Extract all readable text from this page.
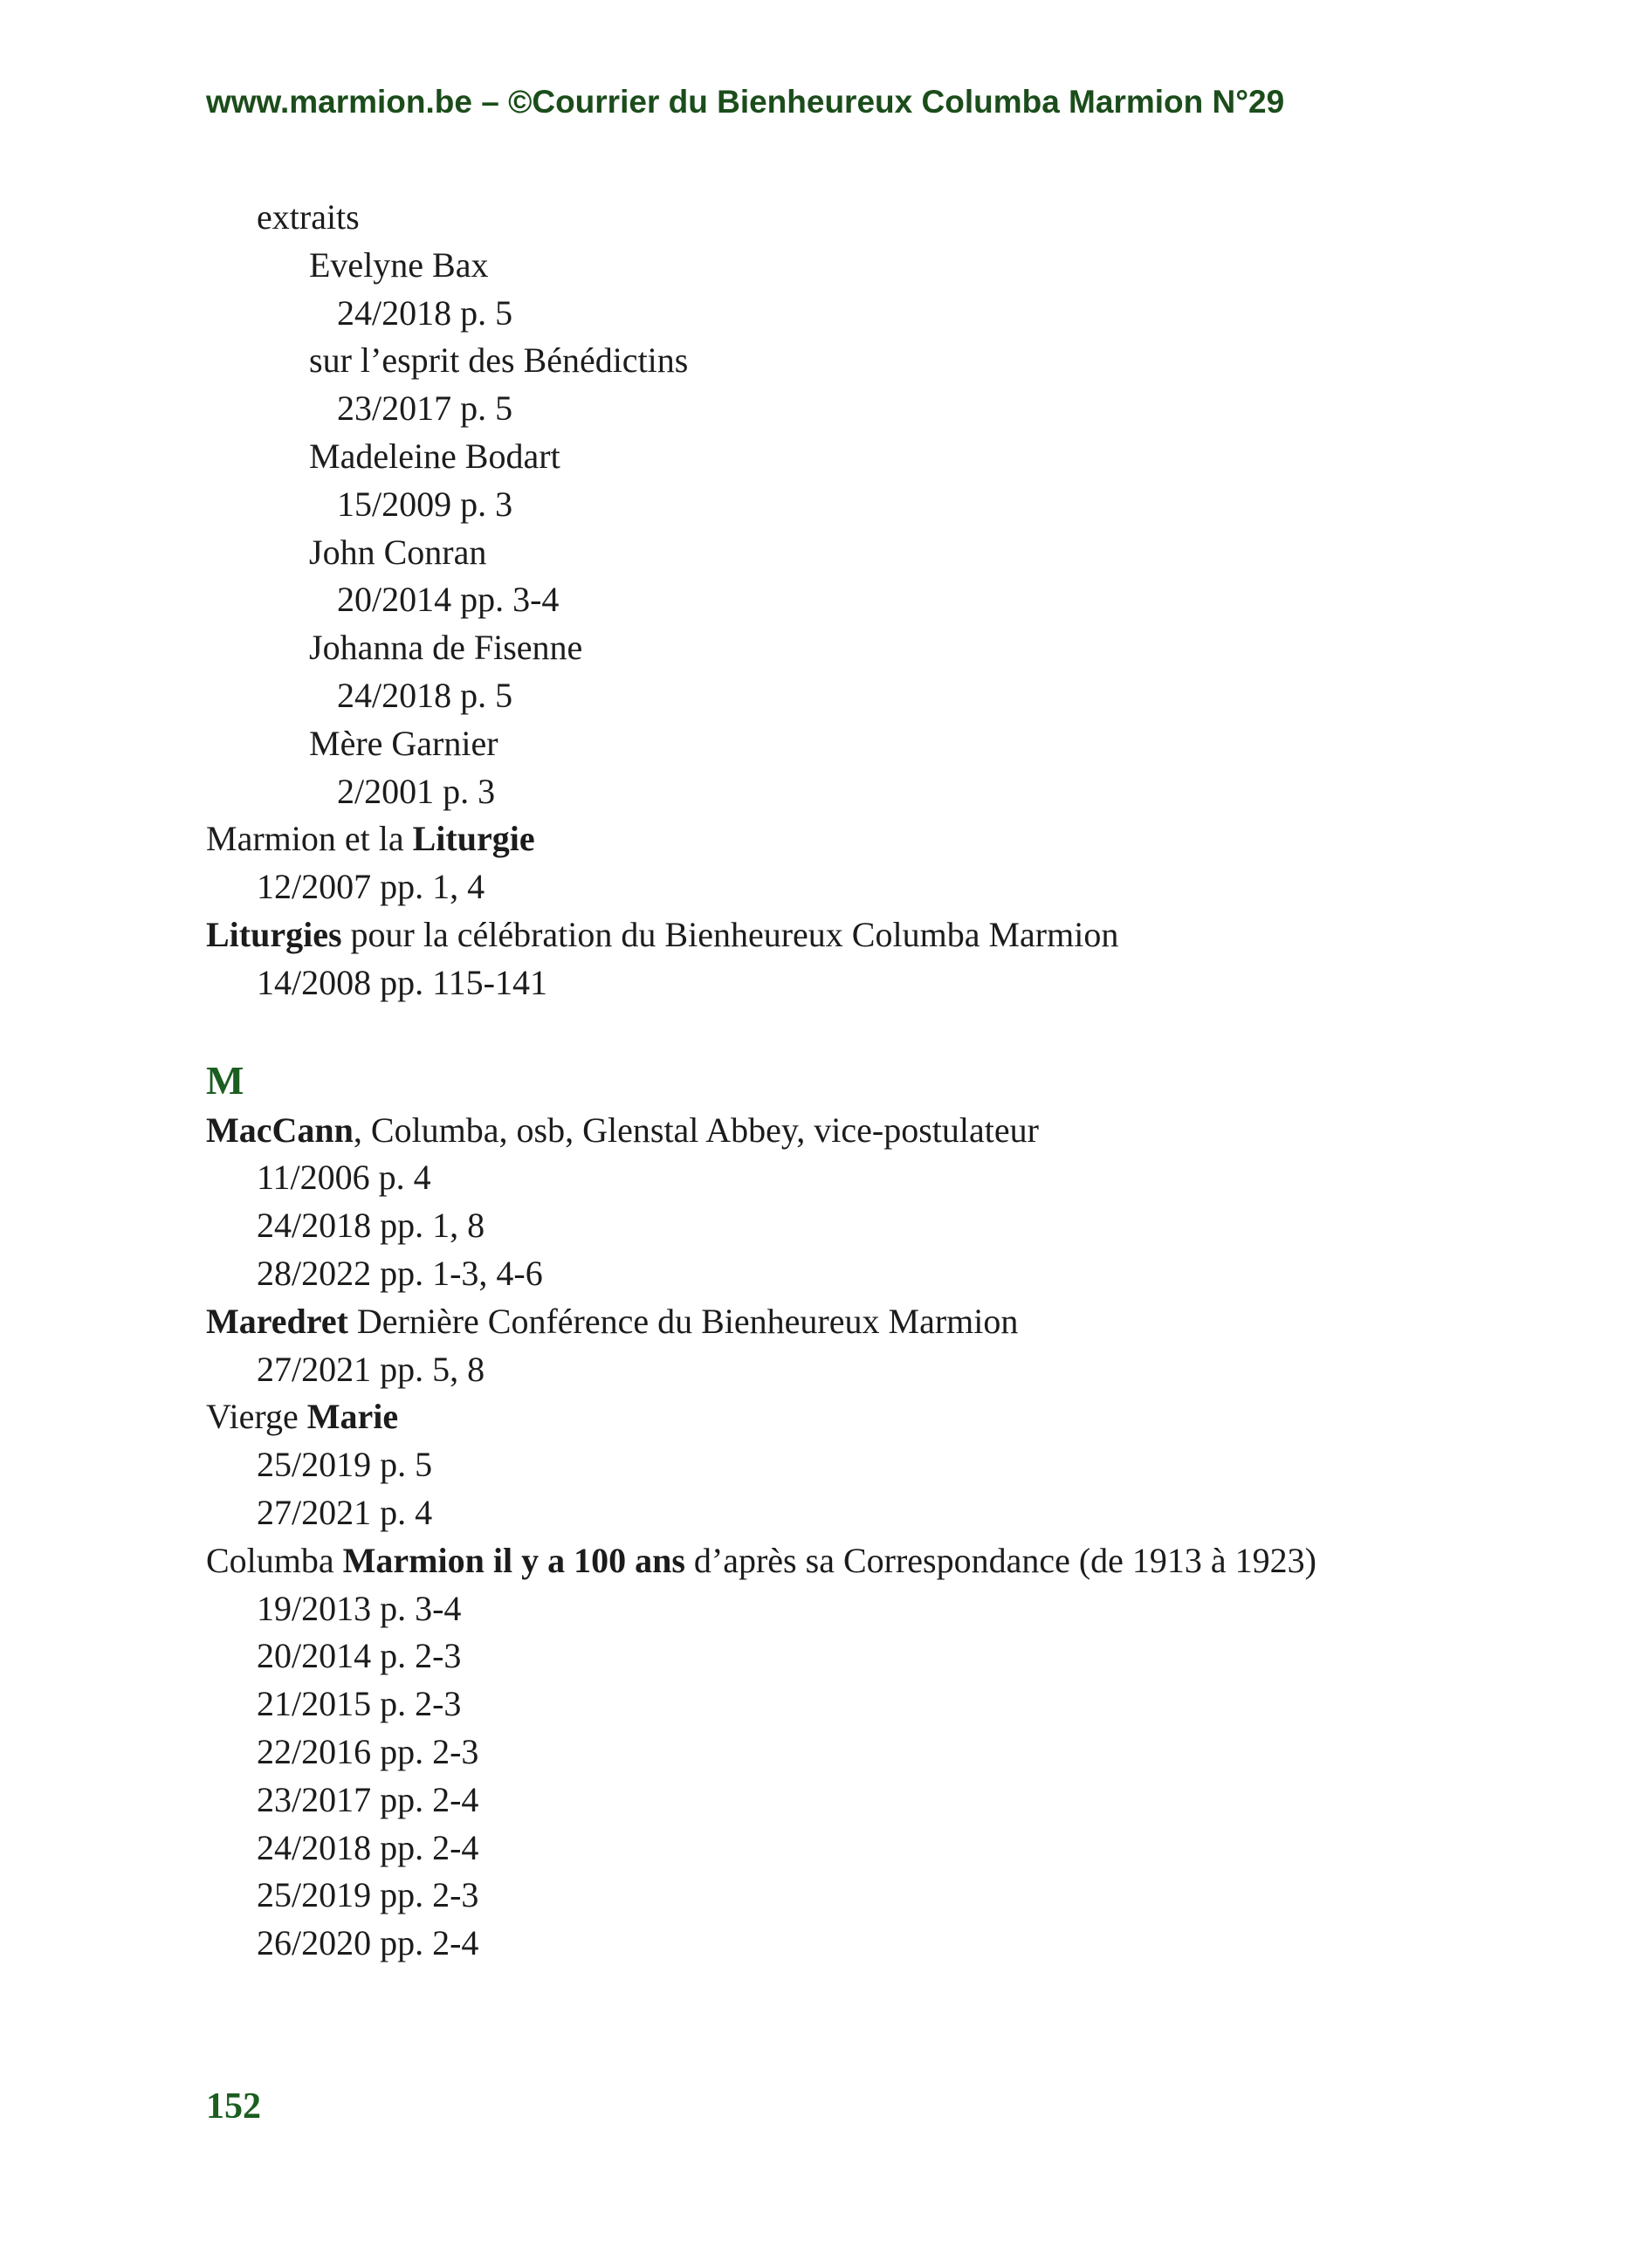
www.marmion.be – ©Courrier du Bienheureux Columba Marmion N°29
extraits
Evelyne Bax
24/2018 p. 5
sur l’esprit des Bénédictins
23/2017 p. 5
Madeleine Bodart
15/2009 p. 3
John Conran
20/2014 pp. 3-4
Johanna de Fisenne
24/2018 p. 5
Mère Garnier
2/2001 p. 3
Marmion et la Liturgie
12/2007 pp. 1, 4
Liturgies pour la célébration du Bienheureux Columba Marmion
14/2008 pp. 115-141
M
MacCann, Columba, osb, Glenstal Abbey, vice-postulateur
11/2006 p. 4
24/2018 pp. 1, 8
28/2022 pp. 1-3, 4-6
Maredret Dernière Conférence du Bienheureux Marmion
27/2021 pp. 5, 8
Vierge Marie
25/2019 p. 5
27/2021 p. 4
Columba Marmion il y a 100 ans d’après sa Correspondance (de 1913 à 1923)
19/2013 p. 3-4
20/2014 p. 2-3
21/2015 p. 2-3
22/2016 pp. 2-3
23/2017 pp. 2-4
24/2018 pp. 2-4
25/2019 pp. 2-3
26/2020 pp. 2-4
152
